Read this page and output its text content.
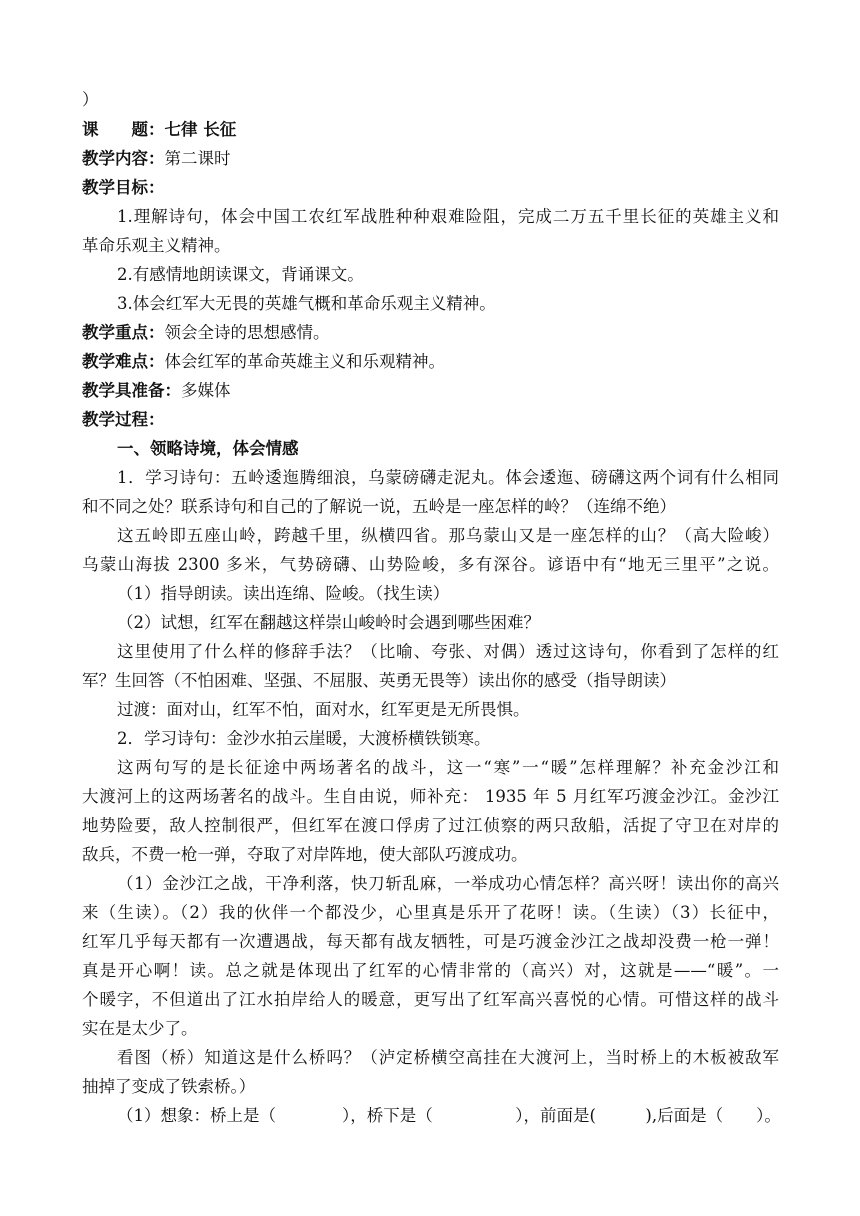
）
课　　题：七律 长征
教学内容：第二课时
教学目标：
1.理解诗句，体会中国工农红军战胜种种艰难险阻，完成二万五千里长征的英雄主义和
革命乐观主义精神。
2.有感情地朗读课文，背诵课文。
3.体会红军大无畏的英雄气概和革命乐观主义精神。
教学重点：领会全诗的思想感情。
教学难点：体会红军的革命英雄主义和乐观精神。
教学具准备：多媒体
教学过程：
一、领略诗境，体会情感
1．学习诗句：五岭逶迤腾细浪，乌蒙磅礴走泥丸。体会逶迤、磅礴这两个词有什么相同
和不同之处？联系诗句和自己的了解说一说，五岭是一座怎样的岭？（连绵不绝）
这五岭即五座山岭，跨越千里，纵横四省。那乌蒙山又是一座怎样的山？（高大险峻）
乌蒙山海拔 2300 多米，气势磅礴、山势险峻，多有深谷。谚语中有“地无三里平”之说。
（1）指导朗读。读出连绵、险峻。（找生读）
（2）试想，红军在翻越这样崇山峻岭时会遇到哪些困难？
这里使用了什么样的修辞手法？（比喻、夸张、对偶）透过这诗句，你看到了怎样的红
军？生回答（不怕困难、坚强、不屈服、英勇无畏等）读出你的感受（指导朗读）
过渡：面对山，红军不怕，面对水，红军更是无所畏惧。
2．学习诗句：金沙水拍云崖暖，大渡桥横铁锁寒。
这两句写的是长征途中两场著名的战斗，这一“寒”一“暖”怎样理解？补充金沙江和
大渡河上的这两场著名的战斗。生自由说，师补充： 1935 年 5 月红军巧渡金沙江。金沙江
地势险要，敌人控制很严，但红军在渡口俘虏了过江侦察的两只敌船，活捉了守卫在对岸的
敌兵，不费一枪一弹，夺取了对岸阵地，使大部队巧渡成功。
（1）金沙江之战，干净利落，快刀斩乱麻，一举成功心情怎样？高兴呀！读出你的高兴
来（生读）。（2）我的伙伴一个都没少，心里真是乐开了花呀！读。（生读）（3）长征中，
红军几乎每天都有一次遭遇战，每天都有战友牺牲，可是巧渡金沙江之战却没费一枪一弹！
真是开心啊！读。总之就是体现出了红军的心情非常的（高兴）对，这就是——“暖”。一
个暖字，不但道出了江水拍岸给人的暖意，更写出了红军高兴喜悦的心情。可惜这样的战斗
实在是太少了。
看图（桥）知道这是什么桥吗？（泸定桥横空高挂在大渡河上，当时桥上的木板被敌军
抽掉了变成了铁索桥。）
（1）想象：桥上是（　　　　），桥下是（　　　　　），前面是(　　　),后面是（　　）。
